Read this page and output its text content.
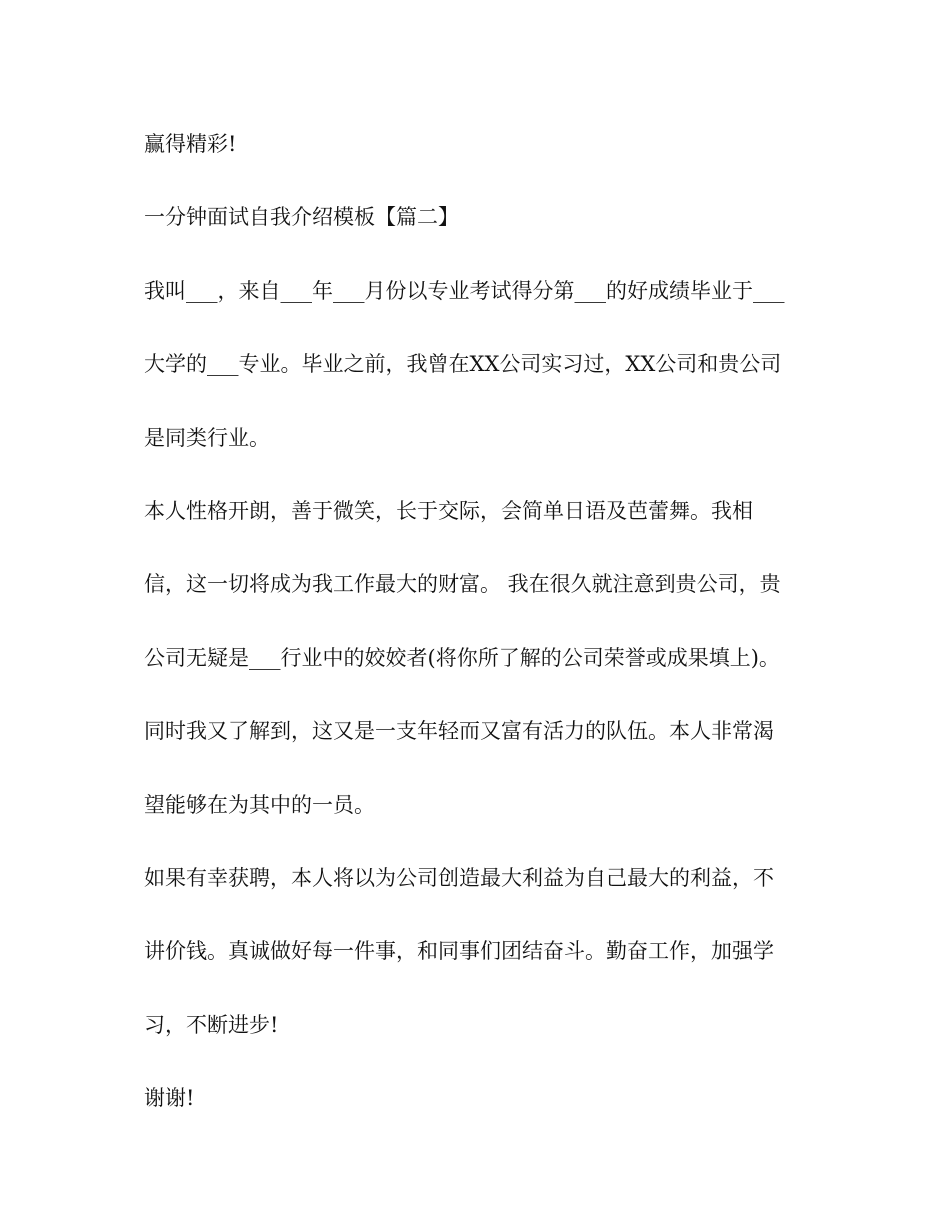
赢得精彩!
一分钟面试自我介绍模板【篇二】
我叫___，来自___年___月份以专业考试得分第___的好成绩毕业于___
大学的___专业。毕业之前，我曾在XX公司实习过，XX公司和贵公司
是同类行业。
本人性格开朗，善于微笑，长于交际，会简单日语及芭蕾舞。我相
信，这一切将成为我工作最大的财富。 我在很久就注意到贵公司，贵
公司无疑是___行业中的姣姣者(将你所了解的公司荣誉或成果填上)。
同时我又了解到，这又是一支年轻而又富有活力的队伍。本人非常渴
望能够在为其中的一员。
如果有幸获聘，本人将以为公司创造最大利益为自己最大的利益，不
讲价钱。真诚做好每一件事，和同事们团结奋斗。勤奋工作，加强学
习，不断进步!
谢谢!
